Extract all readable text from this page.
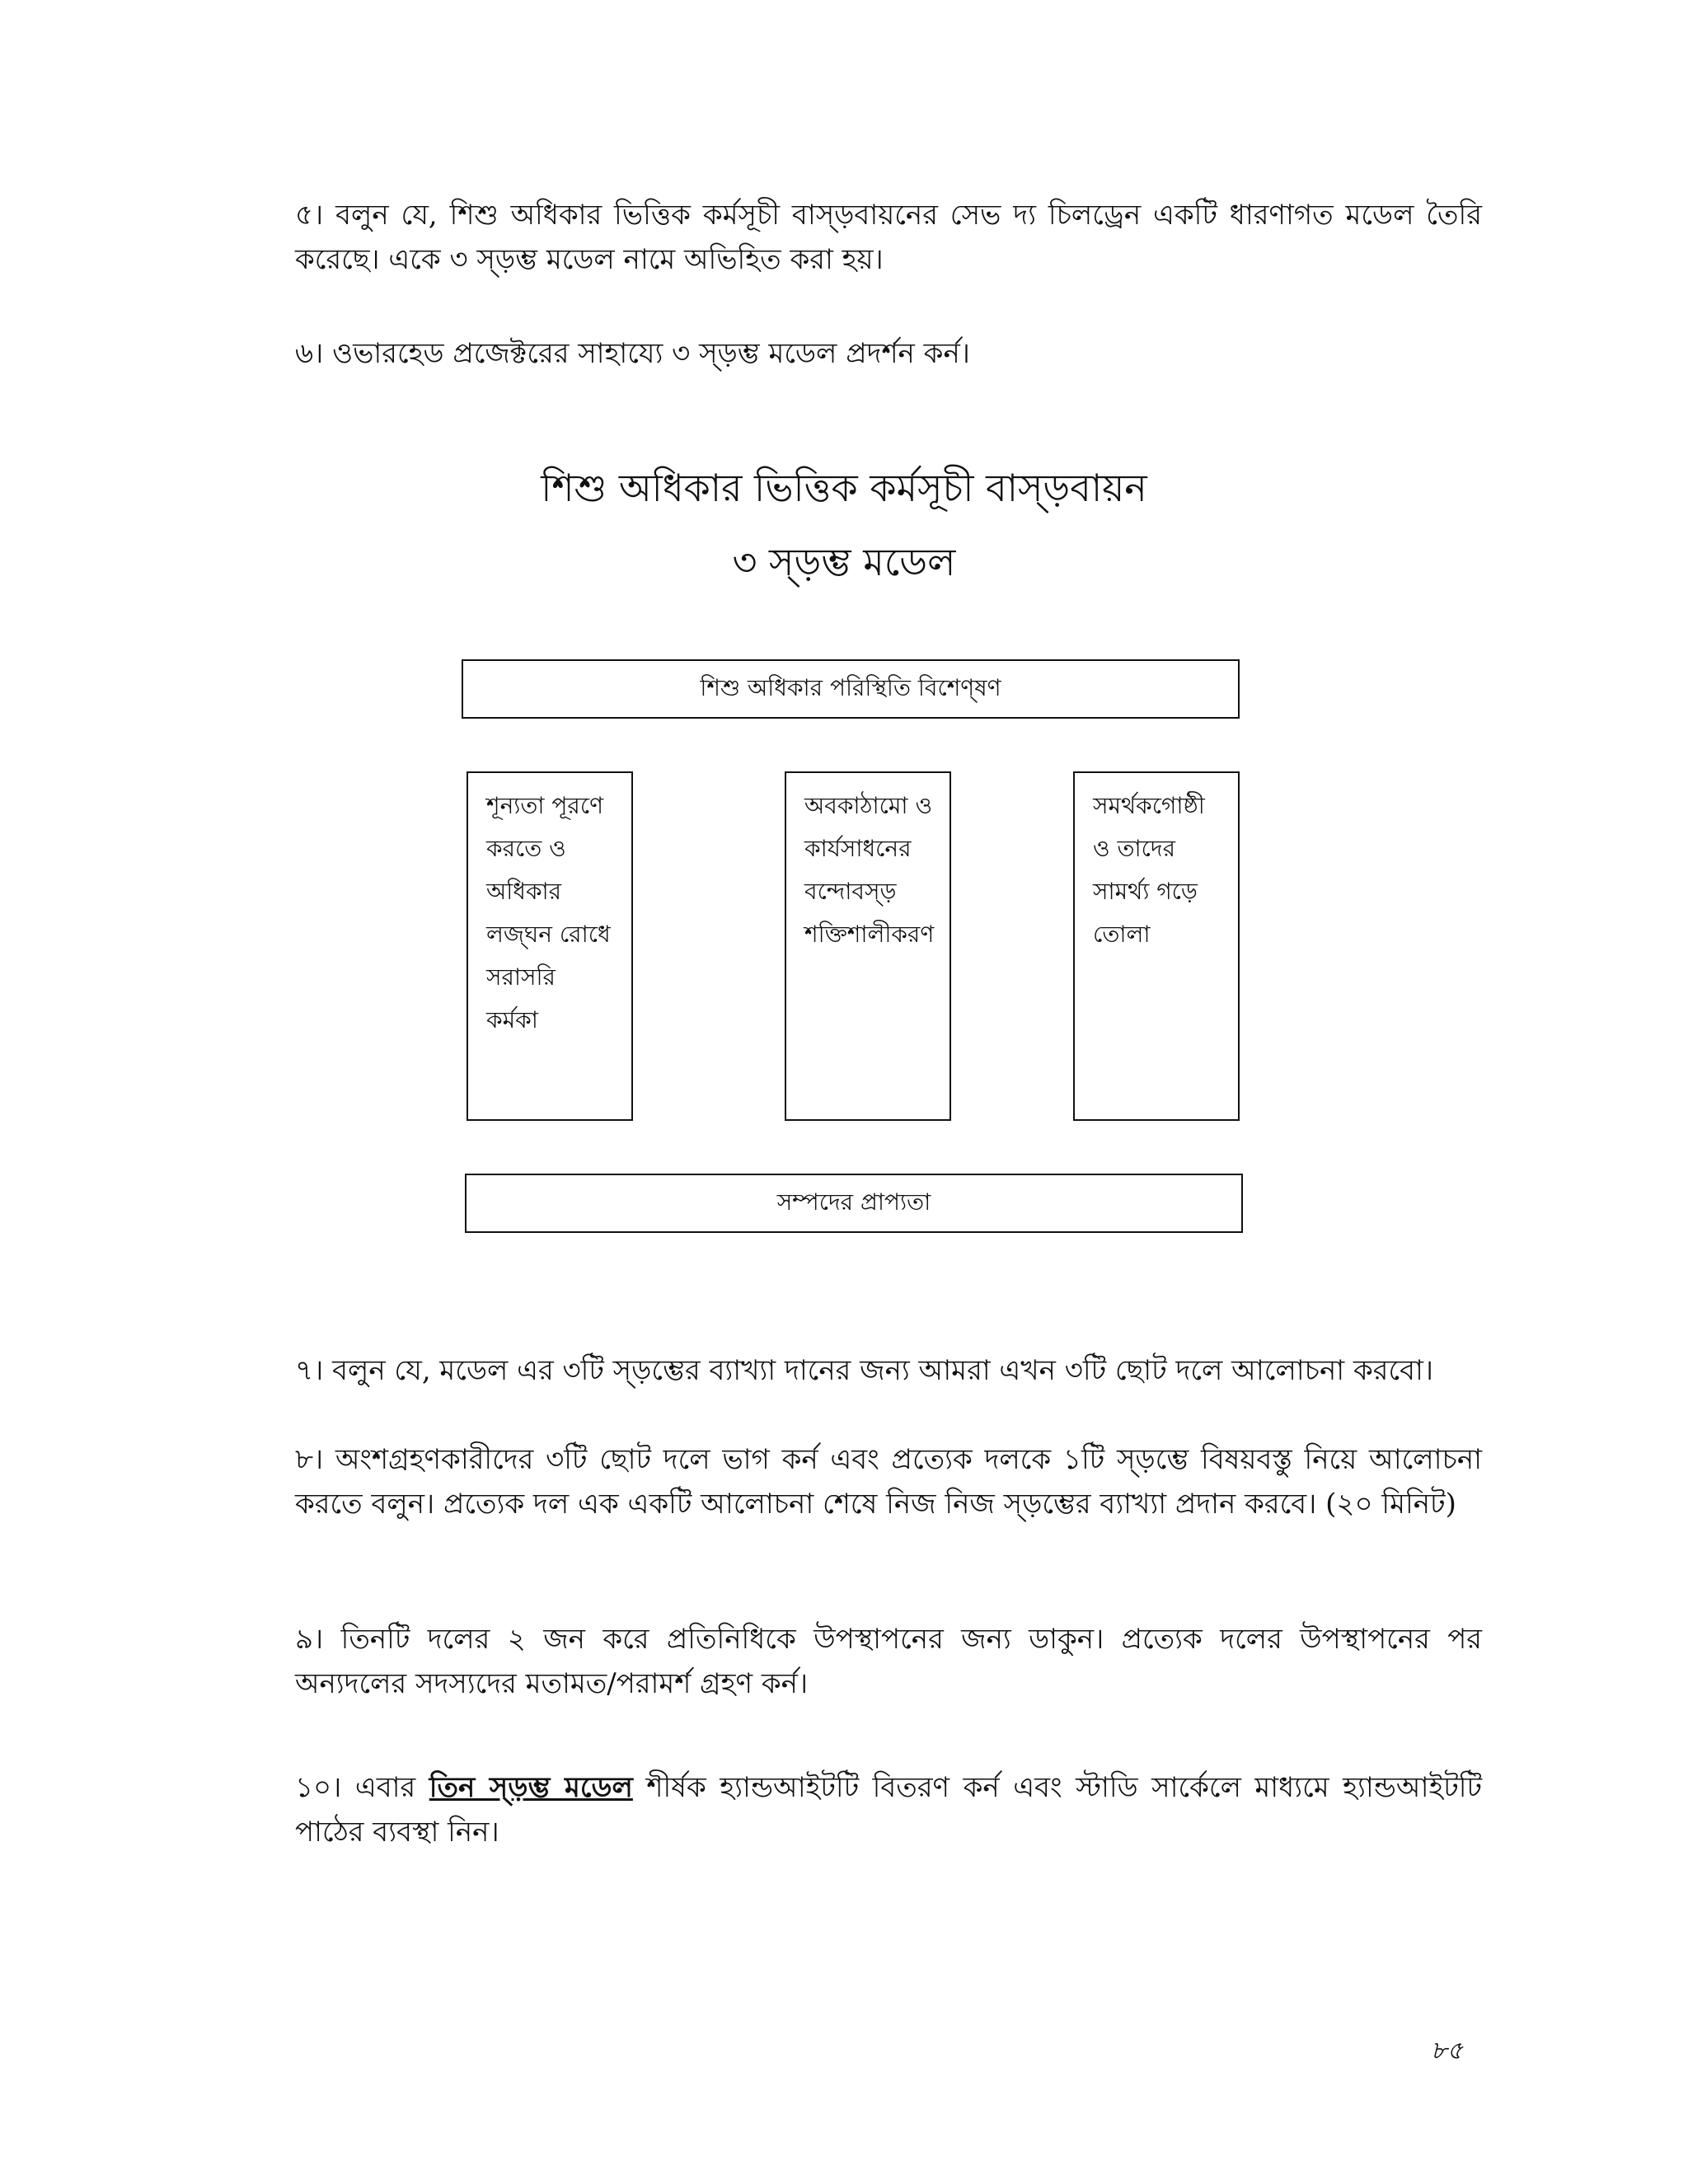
৫। বলুন যে, শিশু অধিকার ভিত্তিক কর্মসূচী বাস্ড়বায়নের সেভ দ্য চিলড্রেন একটি ধারণাগত মডেল তৈরি করেছে। একে ৩ স্ড়ম্ভ মডেল নামে অভিহিত করা হয়।

৬। ওভারহেড প্রজেক্টরের সাহায্যে ৩ স্ড়ম্ভ মডেল প্রদর্শন কর্ন।

শিশু অধিকার ভিত্তিক কর্মসূচী বাস্ড়বায়ন
৩ স্ড়ম্ভ মডেল
শিশু অধিকার পরিস্থিতি বিশেণ্ষণ
শূন্যতা পূরণে
করতে ও
অধিকার
লজ্ঘন রোধে
সরাসরি
কর্মকা
অবকাঠামো ও
কার্যসাধনের
বন্দোবস্ড়
শক্তিশালীকরণ
সমর্থকগোষ্ঠী
ও তাদের
সামর্থ্য গড়ে
তোলা
সম্পদের প্রাপ্যতা

৭। বলুন যে, মডেল এর ৩টি স্ড়ম্ভের ব্যাখ্যা দানের জন্য আমরা এখন ৩টি ছোট দলে আলোচনা করবো।

৮। অংশগ্রহণকারীদের ৩টি ছোট দলে ভাগ কর্ন এবং প্রত্যেক দলকে ১টি স্ড়ম্ভে বিষয়বস্তু নিয়ে আলোচনা করতে বলুন। প্রত্যেক দল এক একটি আলোচনা শেষে নিজ নিজ স্ড়ম্ভের ব্যাখ্যা প্রদান করবে। (২০ মিনিট)

৯। তিনটি দলের ২ জন করে প্রতিনিধিকে উপস্থাপনের জন্য ডাকুন। প্রত্যেক দলের উপস্থাপনের পর অন্যদলের সদস্যদের মতামত/পরামর্শ গ্রহণ কর্ন।

১০। এবার তিন স্ড়ম্ভ মডেল শীর্ষক হ্যান্ডআইটটি বিতরণ কর্ন এবং স্টাডি সার্কেলে মাধ্যমে হ্যান্ডআইটটি পাঠের ব্যবস্থা নিন।

৮৫
